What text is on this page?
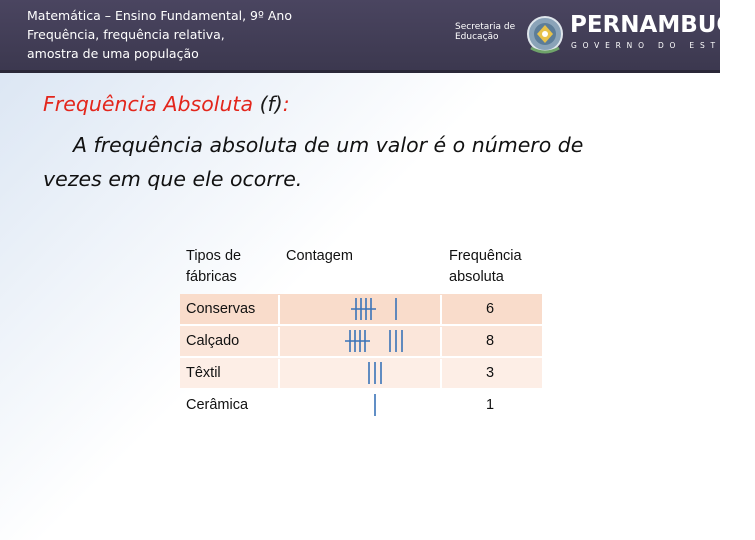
Matemática – Ensino Fundamental, 9º Ano
Frequência, frequência relativa,
amostra de uma população
Secretaria de
Educação	PERNAMBUCO
GOVERNO DO ESTADO
Frequência Absoluta (f):
A frequência absoluta de um valor é o número de
vezes em que ele ocorre.
Tipos de
fábricas
Contagem	Frequência
absoluta
Conservas	6
Calçado	8
Têxtil	3
Cerâmica	1
